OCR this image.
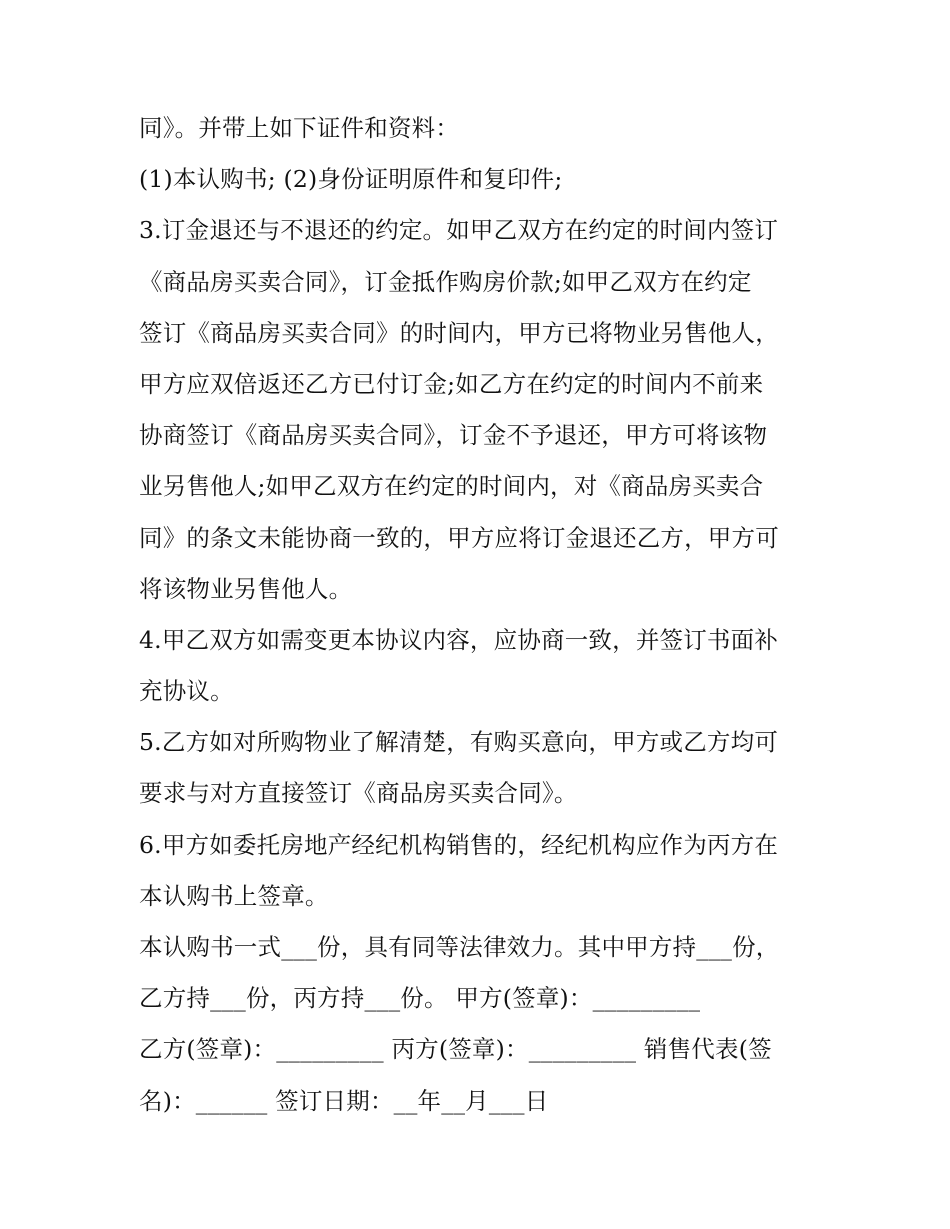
同》。并带上如下证件和资料：
(1)本认购书; (2)身份证明原件和复印件;
3.订金退还与不退还的约定。如甲乙双方在约定的时间内签订
《商品房买卖合同》，订金抵作购房价款;如甲乙双方在约定
签订《商品房买卖合同》的时间内，甲方已将物业另售他人，
甲方应双倍返还乙方已付订金;如乙方在约定的时间内不前来
协商签订《商品房买卖合同》，订金不予退还，甲方可将该物
业另售他人;如甲乙双方在约定的时间内，对《商品房买卖合
同》的条文未能协商一致的，甲方应将订金退还乙方，甲方可
将该物业另售他人。
4.甲乙双方如需变更本协议内容，应协商一致，并签订书面补
充协议。
5.乙方如对所购物业了解清楚，有购买意向，甲方或乙方均可
要求与对方直接签订《商品房买卖合同》。
6.甲方如委托房地产经纪机构销售的，经纪机构应作为丙方在
本认购书上签章。
本认购书一式___份，具有同等法律效力。其中甲方持___份，
乙方持___份，丙方持___份。 甲方(签章)：_________
乙方(签章)：_________ 丙方(签章)：_________ 销售代表(签
名)：______ 签订日期：__年__月___日
